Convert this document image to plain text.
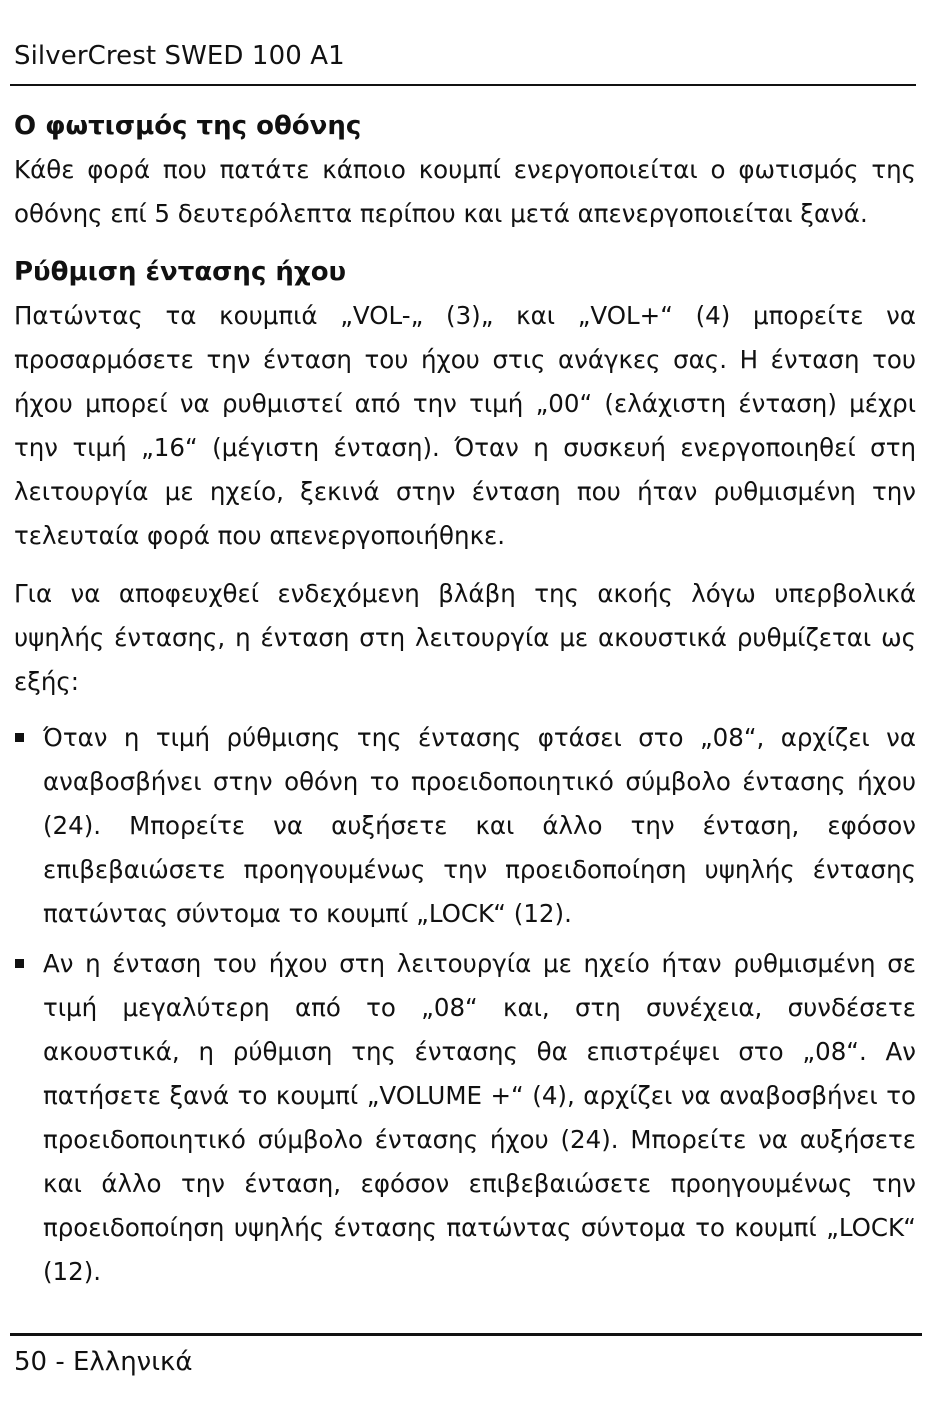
SilverCrest SWED 100 A1
Ο φωτισμός της οθόνης

Κάθε φορά που πατάτε κάποιο κουμπί ενεργοποιείται ο φωτισμός της οθόνης επί 5 δευτερόλεπτα περίπου και μετά απενεργοποιείται ξανά.

Ρύθμιση έντασης ήχου

Πατώντας τα κουμπιά „VOL-„ (3)„ και „VOL+“ (4) μπορείτε να προσαρμόσετε την ένταση του ήχου στις ανάγκες σας. Η ένταση του ήχου μπορεί να ρυθμιστεί από την τιμή „00“ (ελάχιστη ένταση) μέχρι την τιμή „16“ (μέγιστη ένταση). Όταν η συσκευή ενεργοποιηθεί στη λειτουργία με ηχείο, ξεκινά στην ένταση που ήταν ρυθμισμένη την τελευταία φορά που απενεργοποιήθηκε.

Για να αποφευχθεί ενδεχόμενη βλάβη της ακοής λόγω υπερβολικά υψηλής έντασης, η ένταση στη λειτουργία με ακουστικά ρυθμίζεται ως εξής:

Όταν η τιμή ρύθμισης της έντασης φτάσει στο „08“, αρχίζει να αναβοσβήνει στην οθόνη το προειδοποιητικό σύμβολο έντασης ήχου (24). Μπορείτε να αυξήσετε και άλλο την ένταση, εφόσον επιβεβαιώσετε προηγουμένως την προειδοποίηση υψηλής έντασης πατώντας σύντομα το κουμπί „LOCK“ (12).
Αν η ένταση του ήχου στη λειτουργία με ηχείο ήταν ρυθμισμένη σε τιμή μεγαλύτερη από το „08“ και, στη συνέχεια, συνδέσετε ακουστικά, η ρύθμιση της έντασης θα επιστρέψει στο „08“. Αν πατήσετε ξανά το κουμπί „VOLUME +“ (4), αρχίζει να αναβοσβήνει το προειδοποιητικό σύμβολο έντασης ήχου (24). Μπορείτε να αυξήσετε και άλλο την ένταση, εφόσον επιβεβαιώσετε προηγουμένως την προειδοποίηση υψηλής έντασης πατώντας σύντομα το κουμπί „LOCK“ (12).
50 - Ελληνικά
